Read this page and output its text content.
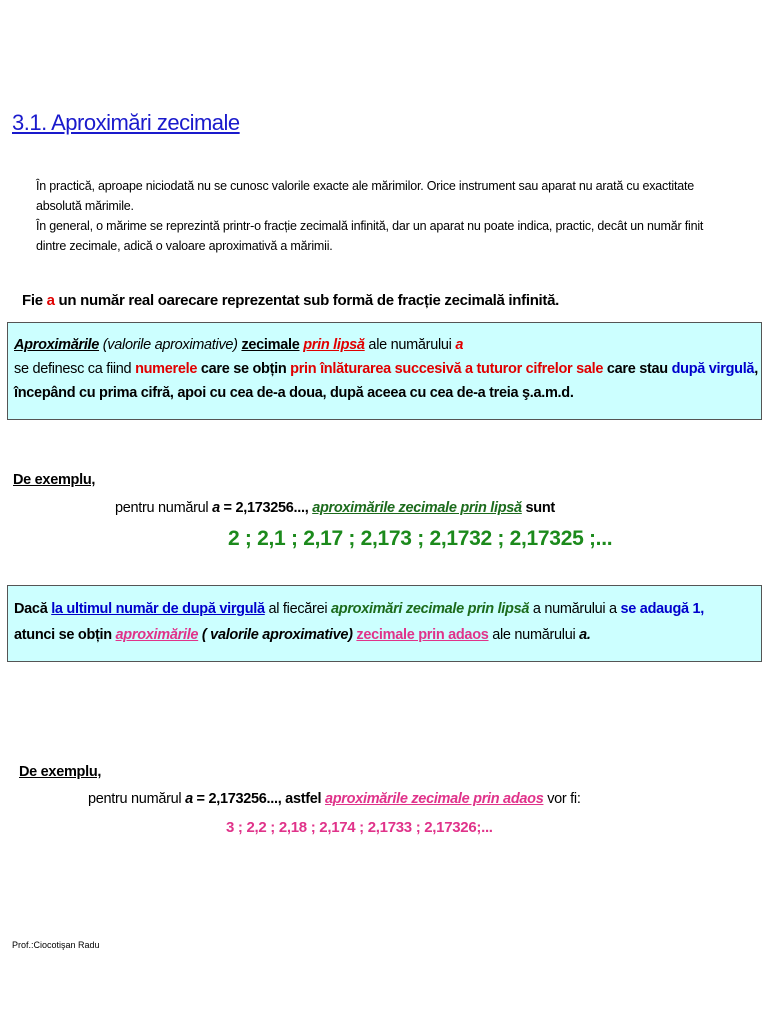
3.1. Aproximări zecimale

În practică, aproape niciodată nu se cunosc valorile exacte ale mărimilor. Orice instrument sau aparat nu arată cu exactitate absolută mărimile.

În general, o mărime se reprezintă printr-o fracție zecimală infinită, dar un aparat nu poate indica, practic, decât un număr finit dintre zecimale, adică o valoare aproximativă a mărimii.

Fie a un număr real oarecare reprezentat sub formă de fracție zecimală infinită.
Aproximările (valorile aproximative) zecimale prin lipsă ale numărului a
se definesc ca fiind numerele care se obțin prin înlăturarea succesivă a tuturor cifrelor sale care stau după virgulă,
începând cu prima cifră, apoi cu cea de-a doua, după aceea cu cea de-a treia ş.a.m.d.
De exemplu,
pentru numărul a = 2,173256..., aproximările zecimale prin lipsă sunt
2 ; 2,1 ; 2,17 ; 2,173 ; 2,1732 ; 2,17325 ;...
Dacă la ultimul număr de după virgulă al fiecărei aproximări zecimale prin lipsă a numărului a se adaugă 1,
atunci se obțin aproximările ( valorile aproximative) zecimale prin adaos ale numărului a.
De exemplu,
pentru numărul a = 2,173256..., astfel aproximările zecimale prin adaos vor fi:
3 ; 2,2 ; 2,18 ; 2,174 ; 2,1733 ; 2,17326;...
Prof.:Ciocotişan Radu
